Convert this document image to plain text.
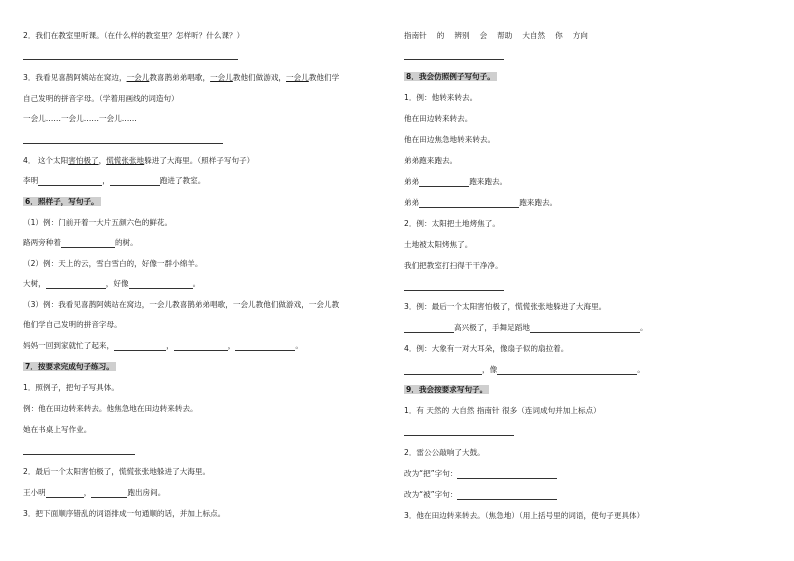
2．我们在教室里听课。（在什么样的教室里？怎样听？什么课？）
3．我看见喜鹊阿姨站在窝边，一会儿教喜鹊弟弟唱歌，一会儿教他们做游戏，一会儿教他们学
自己发明的拼音字母。（学着用画线的词造句）
一会儿……一会儿……一会儿……
4． 这个太阳害怕极了，慌慌张张地躲进了大海里。（照样子写句子）
李明	，	跑进了教室。
6．照样子，写句子。
（1）例：门前开着一大片五颜六色的鲜花。
路两旁种着	的树。
（2）例：天上的云，雪白雪白的，好像一群小绵羊。
大树，	，好像	。
（3）例：我看见喜鹊阿姨站在窝边，一会儿教喜鹊弟弟唱歌，一会儿教他们做游戏，一会儿教
他们学自己发明的拼音字母。
妈妈一回到家就忙了起来，	，	，	。
7．按要求完成句子练习。
1．照例子，把句子写具体。
例：他在田边转来转去。他焦急地在田边转来转去。
她在书桌上写作业。
2．最后一个太阳害怕极了，慌慌张张地躲进了大海里。
王小明	，	跑出房间。
3．把下面顺序错乱的词语排成一句通顺的话，并加上标点。
指南针 的 辨别 会 帮助 大自然 你 方向
8．我会仿照例子写句子。
1．例：他转来转去。
他在田边转来转去。
他在田边焦急地转来转去。
弟弟跑来跑去。
弟弟	跑来跑去。
弟弟	跑来跑去。
2．例：太阳把土地烤焦了。
土地被太阳烤焦了。
我们把教室打扫得干干净净。
3．例：最后一个太阳害怕极了，慌慌张张地躲进了大海里。
高兴极了，手舞足蹈地	。
4．例：大象有一对大耳朵，像扇子似的扇拉着。
，像	。
9．我会按要求写句子。
1．有 天然的 大自然 指南针 很多（连词成句并加上标点）
2．雷公公敲响了大鼓。
改为“把”字句：
改为“被”字句：
3．他在田边转来转去。（焦急地）（用上括号里的词语，使句子更具体）
